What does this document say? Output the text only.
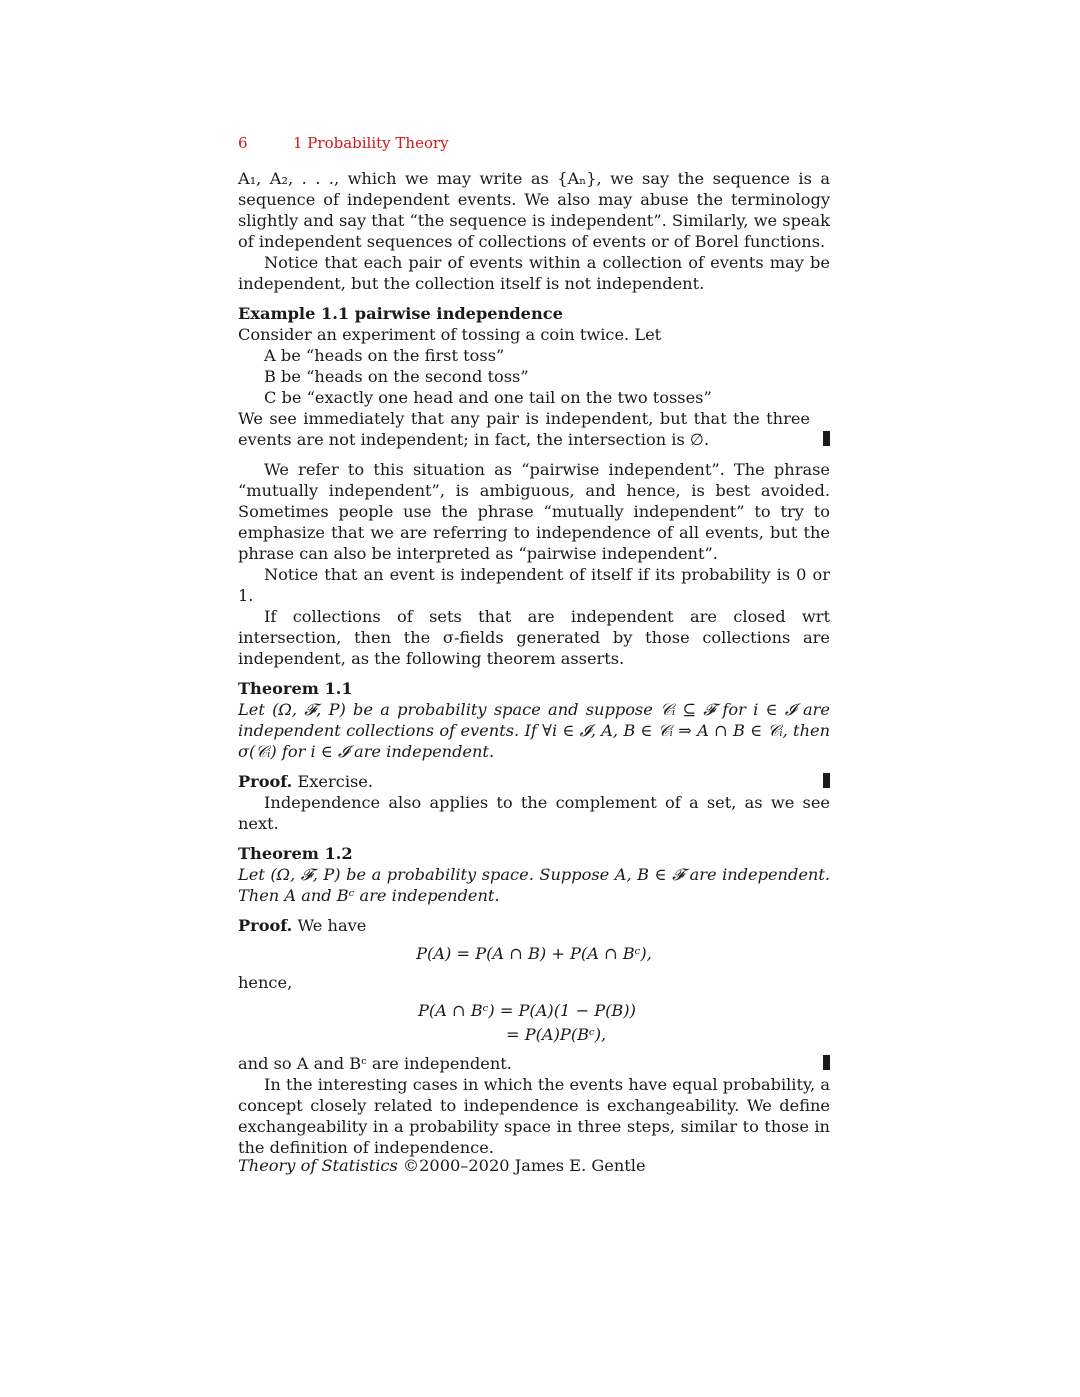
6	1 Probability Theory

A₁, A₂, . . ., which we may write as {Aₙ}, we say the sequence is a sequence of independent events. We also may abuse the terminology slightly and say that “the sequence is independent”. Similarly, we speak of independent sequences of collections of events or of Borel functions.

Notice that each pair of events within a collection of events may be independent, but the collection itself is not independent.

Example 1.1 pairwise independence

Consider an experiment of tossing a coin twice. Let

A be “heads on the first toss”

B be “heads on the second toss”

C be “exactly one head and one tail on the two tosses”

We see immediately that any pair is independent, but that the three events are not independent; in fact, the intersection is ∅.

We refer to this situation as “pairwise independent”. The phrase “mutually independent”, is ambiguous, and hence, is best avoided. Sometimes people use the phrase “mutually independent” to try to emphasize that we are referring to independence of all events, but the phrase can also be interpreted as “pairwise independent”.

Notice that an event is independent of itself if its probability is 0 or 1.

If collections of sets that are independent are closed wrt intersection, then the σ-fields generated by those collections are independent, as the following theorem asserts.

Theorem 1.1

Let (Ω, 𝓕, P) be a probability space and suppose 𝒞ᵢ ⊆ 𝓕 for i ∈ 𝓘 are independent collections of events. If ∀i ∈ 𝓘, A, B ∈ 𝒞ᵢ ⇒ A ∩ B ∈ 𝒞ᵢ, then σ(𝒞ᵢ) for i ∈ 𝓘 are independent.

Proof. Exercise.

Independence also applies to the complement of a set, as we see next.

Theorem 1.2

Let (Ω, 𝓕, P) be a probability space. Suppose A, B ∈ 𝓕 are independent. Then A and Bᶜ are independent.

Proof. We have

P(A) = P(A ∩ B) + P(A ∩ Bᶜ),

hence,

P(A ∩ Bᶜ) = P(A)(1 − P(B))
= P(A)P(Bᶜ),

and so A and Bᶜ are independent.

In the interesting cases in which the events have equal probability, a concept closely related to independence is exchangeability. We define exchangeability in a probability space in three steps, similar to those in the definition of independence.

Theory of Statistics ©2000–2020 James E. Gentle
